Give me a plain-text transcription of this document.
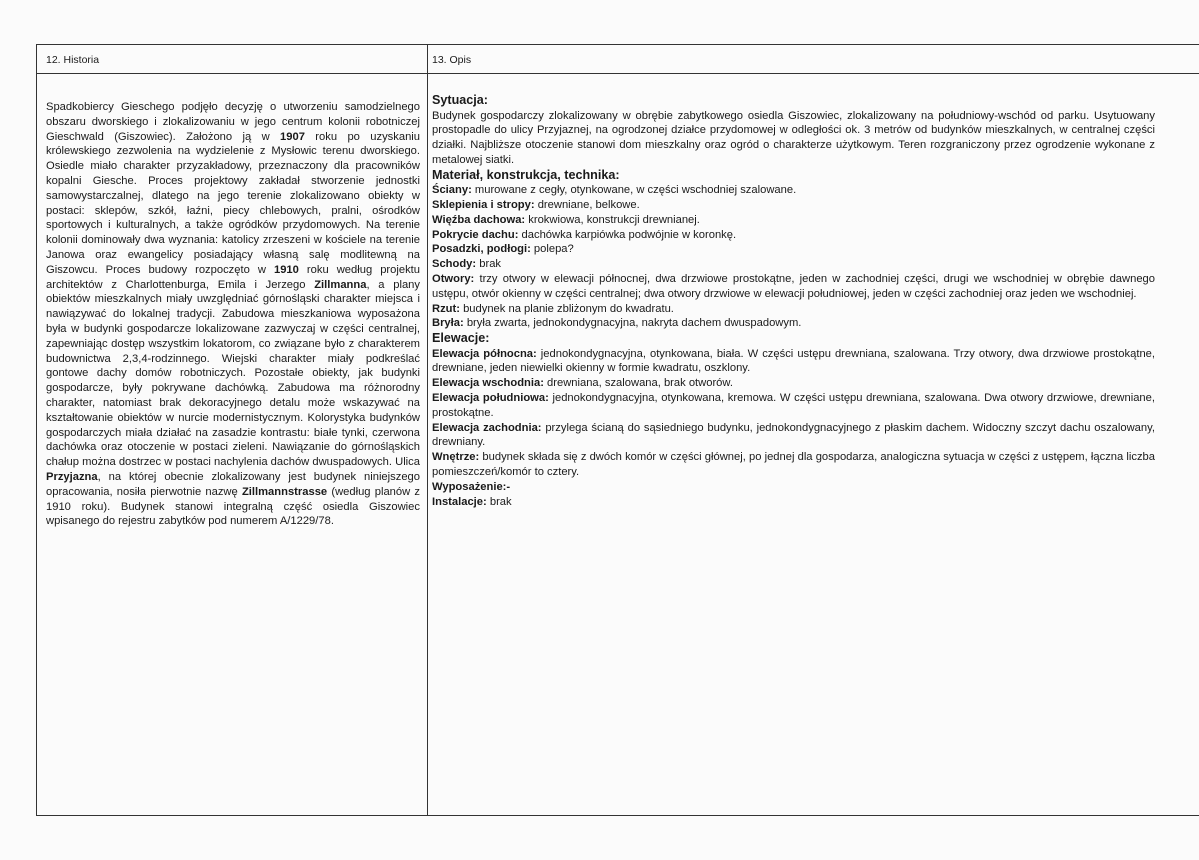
12. Historia	13. Opis
Spadkobiercy Gieschego podjęło decyzję o utworzeniu samodzielnego obszaru dworskiego i zlokalizowaniu w jego centrum kolonii robotniczej Gieschwald (Giszowiec). Założono ją w 1907 roku po uzyskaniu królewskiego zezwolenia na wydzielenie z Mysłowic terenu dworskiego. Osiedle miało charakter przyzakładowy, przeznaczony dla pracowników kopalni Giesche. Proces projektowy zakładał stworzenie jednostki samowystarczalnej, dlatego na jego terenie zlokalizowano obiekty w postaci: sklepów, szkół, łaźni, piecy chlebowych, pralni, ośrodków sportowych i kulturalnych, a także ogródków przydomowych. Na terenie kolonii dominowały dwa wyznania: katolicy zrzeszeni w kościele na terenie Janowa oraz ewangelicy posiadający własną salę modlitewną na Giszowcu. Proces budowy rozpoczęto w 1910 roku według projektu architektów z Charlottenburga, Emila i Jerzego Zillmanna, a plany obiektów mieszkalnych miały uwzględniać górnośląski charakter miejsca i nawiązywać do lokalnej tradycji. Zabudowa mieszkaniowa wyposażona była w budynki gospodarcze lokalizowane zazwyczaj w części centralnej, zapewniając dostęp wszystkim lokatorom, co związane było z charakterem budownictwa 2,3,4-rodzinnego. Wiejski charakter miały podkreślać gontowe dachy domów robotniczych. Pozostałe obiekty, jak budynki gospodarcze, były pokrywane dachówką. Zabudowa ma różnorodny charakter, natomiast brak dekoracyjnego detalu może wskazywać na kształtowanie obiektów w nurcie modernistycznym. Kolorystyka budynków gospodarczych miała działać na zasadzie kontrastu: białe tynki, czerwona dachówka oraz otoczenie w postaci zieleni. Nawiązanie do górnośląskich chałup można dostrzec w postaci nachylenia dachów dwuspadowych. Ulica Przyjazna, na której obecnie zlokalizowany jest budynek niniejszego opracowania, nosiła pierwotnie nazwę Zillmannstrasse (według planów z 1910 roku). Budynek stanowi integralną część osiedla Giszowiec wpisanego do rejestru zabytków pod numerem A/1229/78.
Sytuacja:

Budynek gospodarczy zlokalizowany w obrębie zabytkowego osiedla Giszowiec, zlokalizowany na południowy-wschód od parku. Usytuowany prostopadle do ulicy Przyjaznej, na ogrodzonej działce przydomowej w odległości ok. 3 metrów od budynków mieszkalnych, w centralnej części działki. Najbliższe otoczenie stanowi dom mieszkalny oraz ogród o charakterze użytkowym. Teren rozgraniczony przez ogrodzenie wykonane z metalowej siatki.

Materiał, konstrukcja, technika:

Ściany: murowane z cegły, otynkowane, w części wschodniej szalowane.

Sklepienia i stropy: drewniane, belkowe.

Więźba dachowa: krokwiowa, konstrukcji drewnianej.

Pokrycie dachu: dachówka karpiówka podwójnie w koronkę.

Posadzki, podłogi: polepa?

Schody: brak

Otwory: trzy otwory w elewacji północnej, dwa drzwiowe prostokątne, jeden w zachodniej części, drugi we wschodniej w obrębie dawnego ustępu, otwór okienny w części centralnej; dwa otwory drzwiowe w elewacji południowej, jeden w części zachodniej oraz jeden we wschodniej.

Rzut: budynek na planie zbliżonym do kwadratu.

Bryła: bryła zwarta, jednokondygnacyjna, nakryta dachem dwuspadowym.

Elewacje:

Elewacja północna: jednokondygnacyjna, otynkowana, biała. W części ustępu drewniana, szalowana. Trzy otwory, dwa drzwiowe prostokątne, drewniane, jeden niewielki okienny w formie kwadratu, oszklony.

Elewacja wschodnia: drewniana, szalowana, brak otworów.

Elewacja południowa: jednokondygnacyjna, otynkowana, kremowa. W części ustępu drewniana, szalowana. Dwa otwory drzwiowe, drewniane, prostokątne.

Elewacja zachodnia: przylega ścianą do sąsiedniego budynku, jednokondygnacyjnego z płaskim dachem. Widoczny szczyt dachu oszalowany, drewniany.

Wnętrze: budynek składa się z dwóch komór w części głównej, po jednej dla gospodarza, analogiczna sytuacja w części z ustępem, łączna liczba pomieszczeń/komór to cztery.

Wyposażenie:-

Instalacje: brak
